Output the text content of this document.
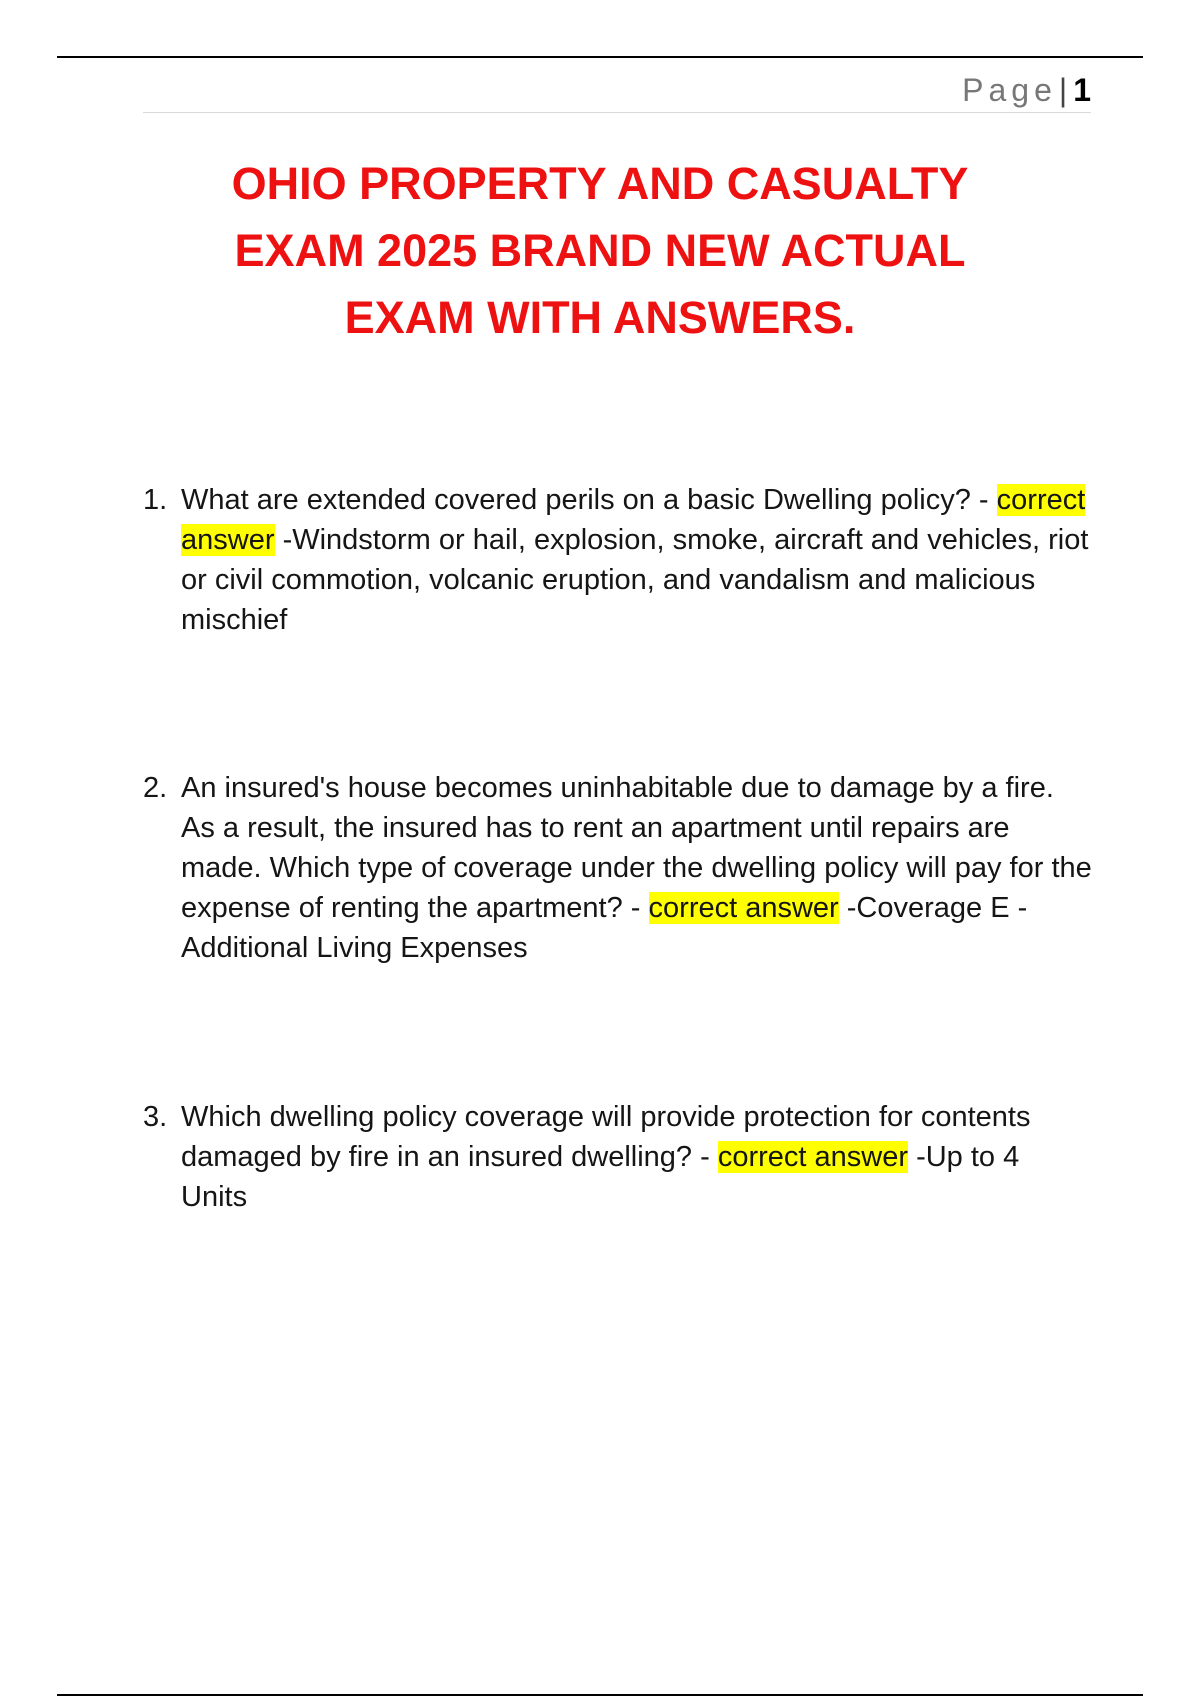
Page| 1
OHIO PROPERTY AND CASUALTY
EXAM 2025 BRAND NEW ACTUAL
EXAM WITH ANSWERS.
1. What are extended covered perils on a basic Dwelling policy? - correct answer -Windstorm or hail, explosion, smoke, aircraft and vehicles, riot or civil commotion, volcanic eruption, and vandalism and malicious mischief
2. An insured's house becomes uninhabitable due to damage by a fire. As a result, the insured has to rent an apartment until repairs are made. Which type of coverage under the dwelling policy will pay for the expense of renting the apartment? - correct answer -Coverage E - Additional Living Expenses
3. Which dwelling policy coverage will provide protection for contents damaged by fire in an insured dwelling? - correct answer -Up to 4 Units
